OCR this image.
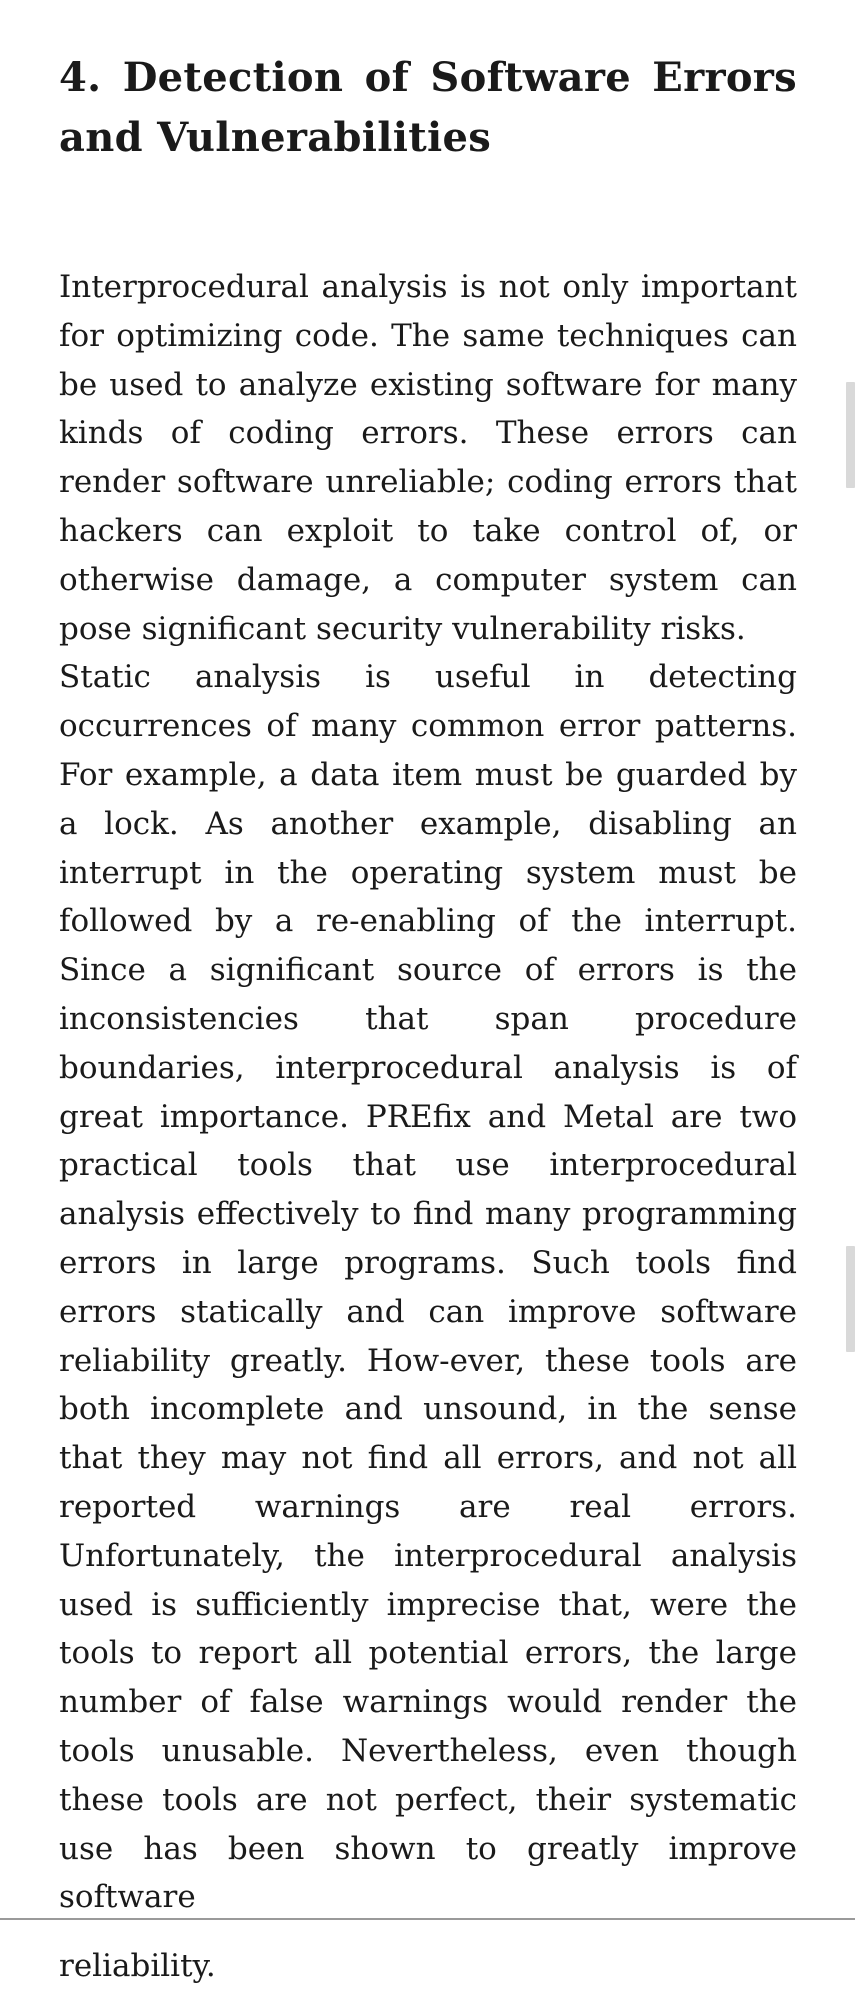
4. Detection of Software Errors and Vulnerabilities

Interprocedural analysis is not only important for optimizing code. The same techniques can be used to analyze existing software for many kinds of coding errors. These errors can render software unreliable; coding errors that hackers can exploit to take control of, or otherwise damage, a computer system can pose significant security vulnerability risks.

Static analysis is useful in detecting occurrences of many common error patterns. For example, a data item must be guarded by a lock. As another example, disabling an interrupt in the operating system must be followed by a re-enabling of the interrupt. Since a significant source of errors is the inconsistencies that span procedure boundaries, interprocedural analysis is of great importance. PREfix and Metal are two practical tools that use interprocedural analysis effectively to find many programming errors in large programs. Such tools find errors statically and can improve software reliability greatly. How-ever, these tools are both incomplete and unsound, in the sense that they may not find all errors, and not all reported warnings are real errors. Unfortunately, the interprocedural analysis used is sufficiently imprecise that, were the tools to report all potential errors, the large number of false warnings would render the tools unusable. Nevertheless, even though these tools are not perfect, their systematic use has been shown to greatly improve software
reliability.
